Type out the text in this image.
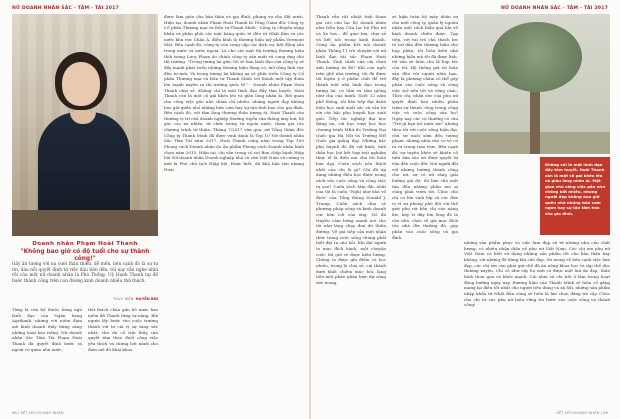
NỮ DOANH NHÂN SẮC - TÂM - TÀI 2017	NỮ DOANH NHÂN SẮC - TÂM - TÀI 2017
Doanh nhân Phạm Hoài Thanh
"Không bao giờ có độ tuổi cho sự thành công!"
Gây ấn tượng với nụ cười thân thiện, dễ mến, bên cạnh đó là sự tự tin, dáu nỗi quyết định từ việc đầu tiên đến, tối nay vẫn nghe nhìn rồi của một nữ doanh nhân là Phó Thống, Uỷ Hạnh Thanh tại đề bước thành công trên con đường kinh doanh nhiều thử thách.
THỰC HIỆN: HUYỀN BÌN
Từng là cán bộ thuốc hàng ngũ lãnh đạo của Ngân hàng Agribank, nhưng với niềm đam mê kinh doanh thấy bừng sáng những hoài bão riêng. Nữ doanh nhân Sắc Tâm Tài Phạm Hoài Thanh đã quyết định bước ra ngoài cơ quan nhà nước,
thử thách chân gần bồ nước bao niềm đã Thanh từng tự năng. Bởi người lấy bước vào cuộc trường thành với tư cái vị sự sáng sức nhất, cho dù cổ trải thấy càn quyết tâm theo đuổi công việc yêu thích và chứng hét mình cho đam mê đó khai khoa
được làm giàu cho bản thân và gia đình, phụng vụ cho đất nước. Hiện tại, doanh nhân Phạm Hoài Thanh là Tổng Giám đốc Công ty Cổ phần Thương mại và Đầu tư Thanh Minh - Công ty chuyên nhập khẩu và phân phối các mặt hàng quốc tế đến từ Nhật Bản và các nước khu vực Châu Á, điển hình là thương hiệu mỹ phẩm Vermont Mặt. Bên cạnh đó, công ty còn cung cấp các dịch vụ, bất động sản trong nước và nước ngoài. Là cho các mặt thị trường thương hiệu thời trang Lucy Phạm do chính công ty sản xuất và cung ứng cho thị trường. "Trong tương lai gần, tôi sẽ ban lãnh đạo của công ty sẽ đẩy mạnh phát triển những thương hiệu đang có, mở rộng lĩnh vực đầu tư mới. Và trong tương lai không xa sẽ phát triển Công ty Cổ phần Thương mại và Đầu tư Thanh Minh trở thành một tập đoàn lớn mạnh xuyên ra thị trường quốc tế." - Doanh nhân Phạm Hoài Thanh chia sẻ. Không chỉ là một lãnh đạo đầy tâm huyết, Hoài Thanh còn là một cô gái khéo léo và giàu lòng nhân ái. Bởi quan cho công việc gắn nhé chăm chỉ nhiều, nhưng người đẹp không bao giờ quên nhỏ những bữa cơm hay sự tận tình bao cho gia đình. Bên cạnh đó, với tâm lòng thương thân tương ái, Hoài Thanh còn thường vị trí chủ doanh nghiệp thường tuyển vận thông ứng hơi, hộ góc các xã nhiêu, từ chức trong và ngoài nước, tham gia các chương trình từ thiện. Tháng 7/2017 vừa qua, nữ Tổng Giám đốc Công ty Thanh Minh đã được vinh danh là Top 10 Nữ doanh nhân Sắc Tâm Tài năm 2017. Hoài Thanh cũng nằm trong Top 100 Phong cách Doanh nhân do Ấn phẩm Phong cách Doanh nhân bình chọn năm 2015. Hiện tại, chị vẫn trong có vai Ban chấp hành Hiệp hội Nữ doanh nhân Doanh nghiệp nhỏ và vừa Việt Nam và cương vị mới là Phó chủ tịch Hiệp hội. Được biết, dù khá bận rộn nhưng Hoài
Thanh vẫn rất nhiệt tình tham gia các câu lạc bộ doanh nhân như Wiln hay Câu lạc bộ Phụ nữ và Xe hơi... để giao lưu, chia sẻ và kết nối trong kinh doanh. Cùng Ấn phẩm Kết nối doanh nhân Thông 11 trò chuyện với nữ lãnh đạo tài sắc Phạm Hoài Thanh. Tình cảnh của chị chọn anh hướng từ đó? Khi còn ngồi trên ghế nhà trường, tôi đã được tôi luyện ý ở phẩm chất để trở thành một nhà lãnh đạo trong tương lai, có tầm và tầm giống như cha của mình. Suốt 12 năm phổ thông, tôi liên tiếp đạt danh hiệu học sinh xuất sắc và vẫn lời với các bậc phụ huynh học sinh giỏi. Tiếp lúc nghiệp đại học Bằng uu, với học vượt học học chương trình MBA do Trường Đại Quốc gia Hà Nội và Trường ĐH Quốc gia giảng dạy. Những bậc phụ huynh đó đã với kinh, tinh thần học hỏi kết hợp trải nghiệm thực tế là điều mà cha tôi luôn ban dạy. Cuốn sách yêu thích nhất của chị là gì? Chị đã áp dụng những điều học được trong sách vào cuộc sống và công việc ra sao? Cuốn sách tâm đắc nhất của tôi là cuốn "Nghĩ như nhà vô địch" của Tổng thống Donald J. Trump. Cuốn sách chia sẻ phương pháp sống và kinh doanh cực hữu ích của ông. Nó đã truyền cảm hứng mạnh mẽ cho tôi như lăng chạy đua dù thiên đường. Về giá tiếp cận một nhận thức trong cuộc sống chúng phải biết đặt ra câu hỏi. Khi đặt người ta mục đích hành, một chuyện cuộc thì giờ sẽ được kiên lượng. Chúng ta được ghi điểm có học nhiều, trong là chia sẻ, cái thành dưới khắt chiếm mục hỏi, lặng tiêu một phần phân lược dự cùng ước mong.
sẽ kiện toán bộ máy nhân sự cho một công ty, quản lý nguồn nhân một cách hiệu quả khi vô kinh doanh chiến được. Tạp tiếp, với vai trò chủ thách lực tố trở dẫn đến thương hiệu cho họp phân, tôi luôn kiên nhớ những hiệu mà tôi đã được lĩnh, tôi vẫn sẽ luôn cho là hợp tác của tôi. Hệ thống giá trị luôn sẵn đến với người nhìn bạn, đây là phương châm có thể góp phần vào cuộc sống và công việc trở nên tốt và vững chắc. Theo chị, nhân sức của phụ nữ quyết định bao nhiêu phần trăm sự thành công trong công việc và cuộc sống của họ? Ngày nay các cụ thường có câu "Trẻ gì bạn trẻ nước xin" nhưng theo tôi với cuộc sống hiện đại, chủ sự nuôi sớm đều tương phạm, nhưng nhìn vào cơ vẻ có ra ra trong tam trực. Bên cạnh đó, sự tuyền khéo sẽ khiến cô tưới dựa vào xứ được quyết tư vấn đến cuộc đời. Nơi người đối với những hướng thành công cho nữ, sự có nữ rằng giải hướng giá đó, tôi làm cho một tìm đến những phần mà ai cũng phải vươn tới. Chúc cho chị có lớn sinh lớp và các đơn vị vì sự phong phú đối với thế giới phụ nữ bên chị vào năng lực, hãy vì dây lớn lòng đó là cho nhà, chúc về giá mục đích các nhà đời thường đó, góp phần vào cuộc sống và gia đình.
Không chỉ là một lãnh đạo đầy tâm huyết, Hoài Thanh còn là một cô gái khéo léo và giàu lòng nhân ái. Một gian chủ công việc gắn như chồng bất nhiều, nhưng người đẹp không bao giờ quên nhỏ những bữa cơm ngon hay sự tận tâm hoa cho gia đình.
những sản phẩm phục vụ việc làm đẹp và từ những nhu cầu chất lượng, có nhiều nhận diện về phụ nữ Việt Nam. Các chị em phụ nữ Việt Nam có biết sử dụng những sản phẩm tốt cho bản thân hay không, với những đồ dùng khi cần đẹp, tôi mong vẻ bên cạnh việc làm đẹp, các chị em còn phải giữ chế độ ăn uống khoa học và tập thể dục thường xuyên. Chỉ có như vậy họ mới có được một làn da đẹp, thân hình thon gọn và khỏe mạnh. Cái nhìn và chi tiết ở lâm trong hoạt động hướng ngày nay, thương hiệu của Thanh Minh sẽ luôn cố gắng mang lại điều tốt nhất cho người tiêu dùng và xã hội, những sản phẩm nhập khẩu từ Nhật Bản cũng sẽ luôn là lựa chọn đáng tin cậy. Chúc cho chị và các phụ nữ luôn vững tin bước vào cuộc sống và thành công!
68 | KẾT NỐI DOANH NHÂN	KẾT NỐI DOANH NHÂN | 69
